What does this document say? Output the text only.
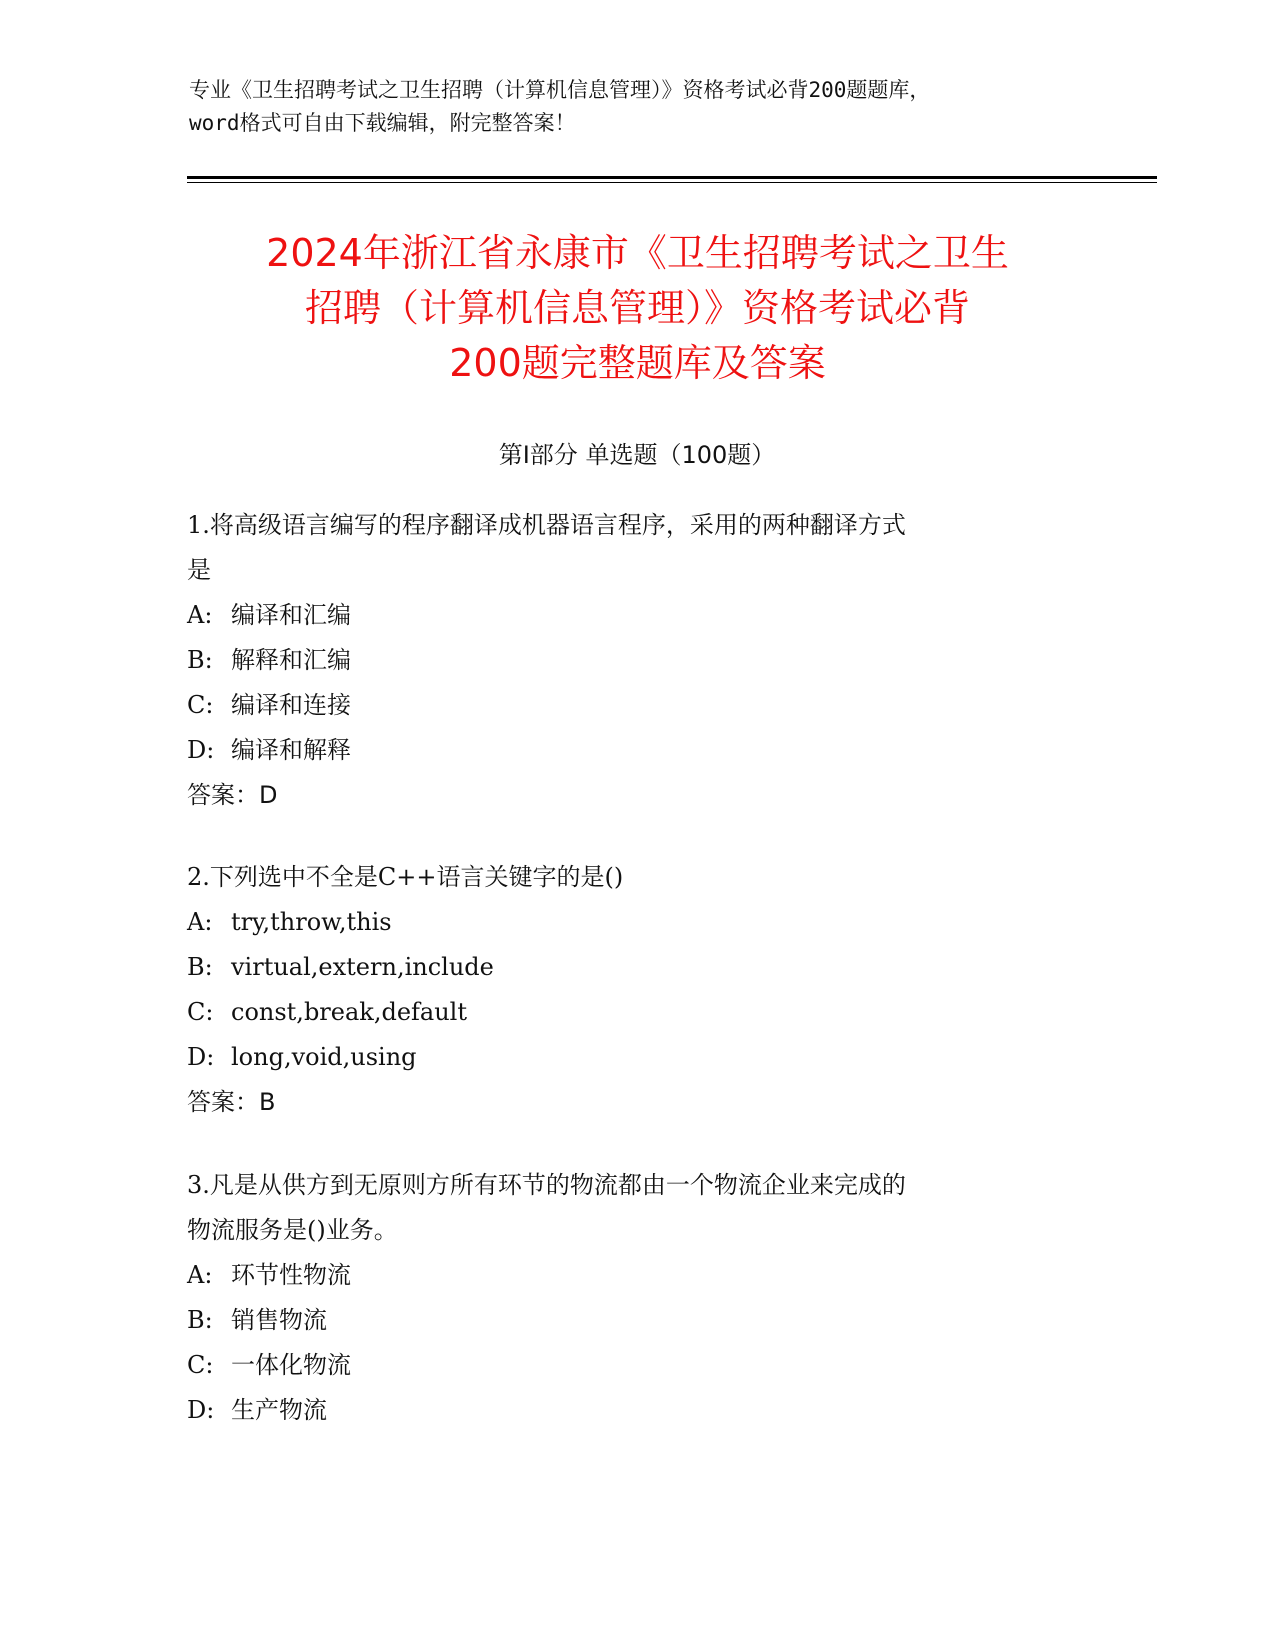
专业《卫生招聘考试之卫生招聘（计算机信息管理）》资格考试必背200题题库，
word格式可自由下载编辑，附完整答案！
2024年浙江省永康市《卫生招聘考试之卫生
招聘（计算机信息管理）》资格考试必背
200题完整题库及答案
第Ⅰ部分 单选题（100题）
1.将高级语言编写的程序翻译成机器语言程序，采用的两种翻译方式
是
A: 编译和汇编
B: 解释和汇编
C: 编译和连接
D: 编译和解释
答案：D
2.下列选中不全是C++语言关键字的是()
A: try,throw,this
B: virtual,extern,include
C: const,break,default
D: long,void,using
答案：B
3.凡是从供方到无原则方所有环节的物流都由一个物流企业来完成的
物流服务是()业务。
A: 环节性物流
B: 销售物流
C: 一体化物流
D: 生产物流
